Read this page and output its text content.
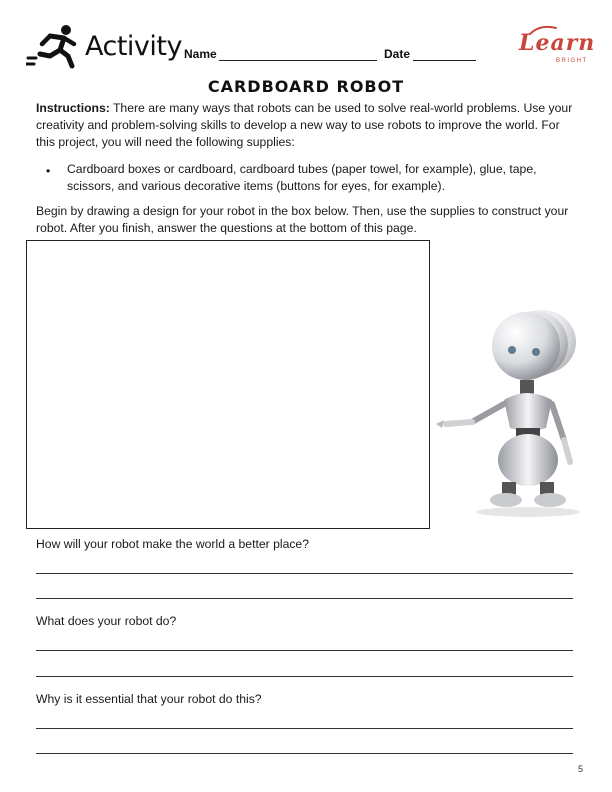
Activity Name	Date	Learn
BRIGHT
CARDBOARD ROBOT
Instructions: There are many ways that robots can be used to solve real-world problems. Use your creativity and problem-solving skills to develop a new way to use robots to improve the world. For this project, you will need the following supplies:
• Cardboard boxes or cardboard, cardboard tubes (paper towel, for example), glue, tape, scissors, and various decorative items (buttons for eyes, for example).
Begin by drawing a design for your robot in the box below. Then, use the supplies to construct your robot. After you finish, answer the questions at the bottom of this page.
How will your robot make the world a better place?
What does your robot do?
Why is it essential that your robot do this?
5
